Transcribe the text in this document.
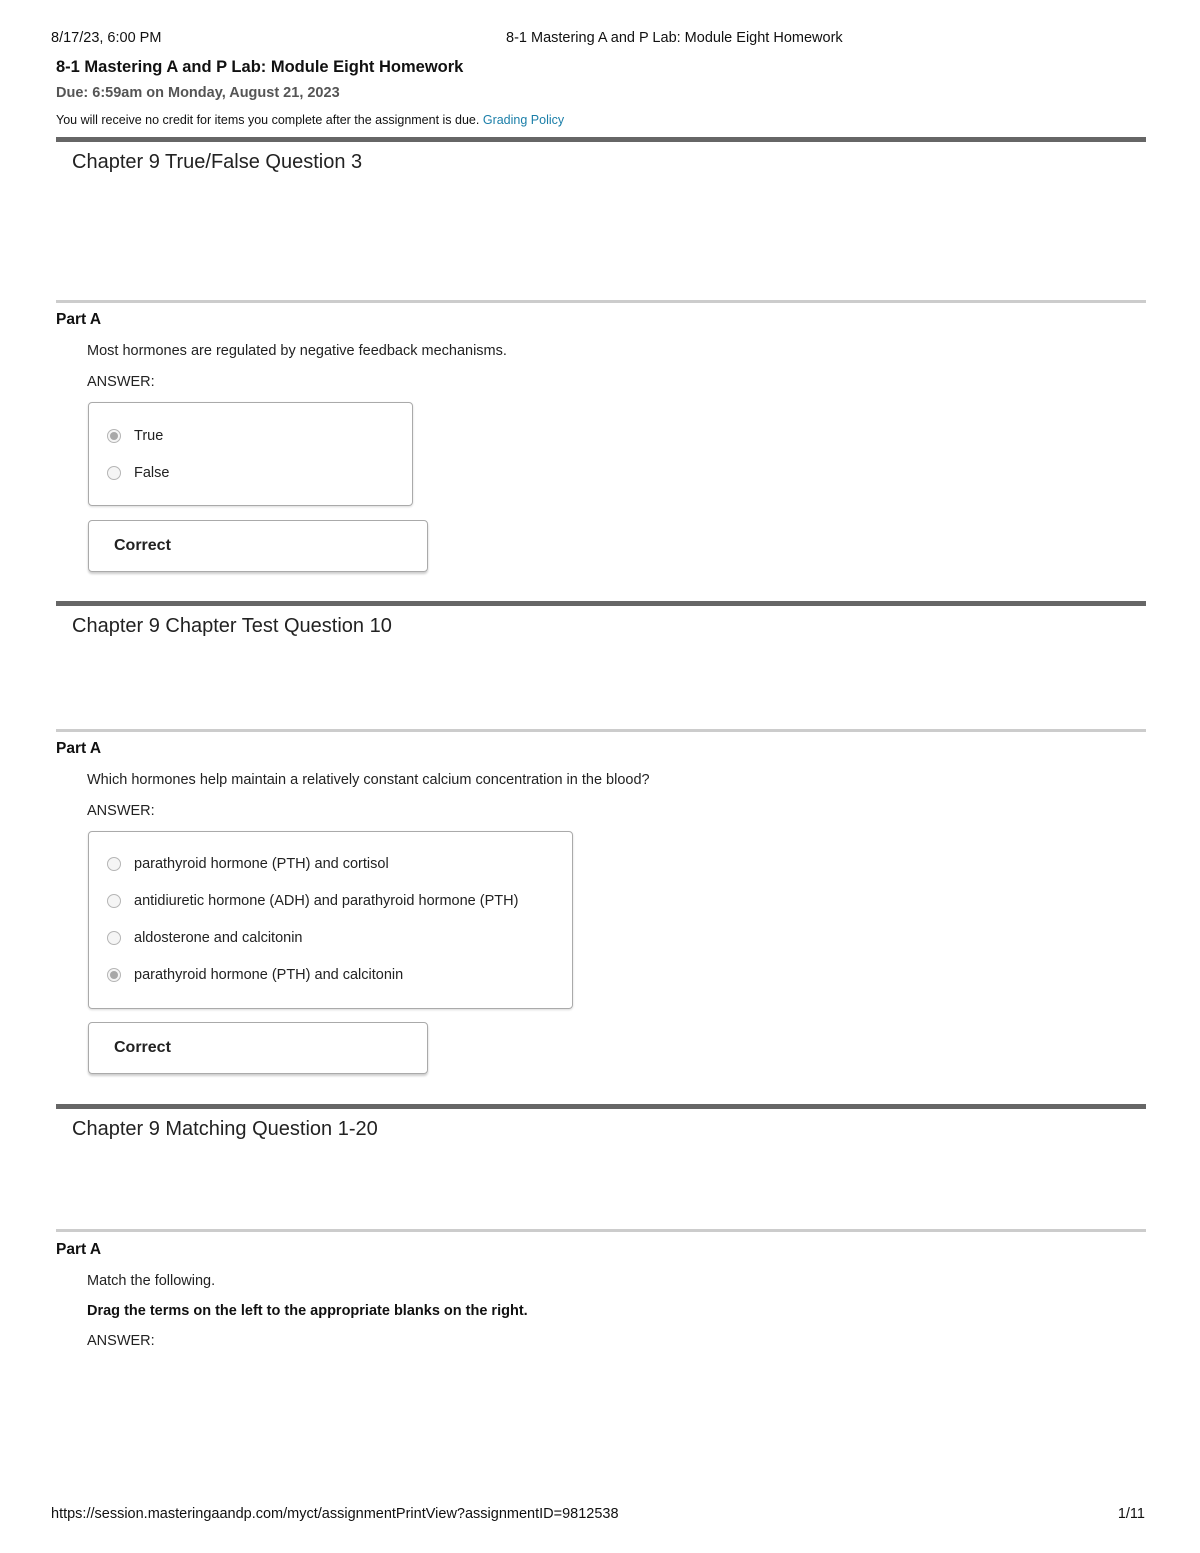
8/17/23, 6:00 PM	8-1 Mastering A and P Lab: Module Eight Homework
8-1 Mastering A and P Lab: Module Eight Homework
Due: 6:59am on Monday, August 21, 2023
You will receive no credit for items you complete after the assignment is due. Grading Policy
Chapter 9 True/False Question 3
Part A
Most hormones are regulated by negative feedback mechanisms.
ANSWER:
True
False
Correct
Chapter 9 Chapter Test Question 10
Part A
Which hormones help maintain a relatively constant calcium concentration in the blood?
ANSWER:
parathyroid hormone (PTH) and cortisol
antidiuretic hormone (ADH) and parathyroid hormone (PTH)
aldosterone and calcitonin
parathyroid hormone (PTH) and calcitonin
Correct
Chapter 9 Matching Question 1-20
Part A
Match the following.
Drag the terms on the left to the appropriate blanks on the right.
ANSWER:
https://session.masteringaandp.com/myct/assignmentPrintView?assignmentID=9812538	1/11
